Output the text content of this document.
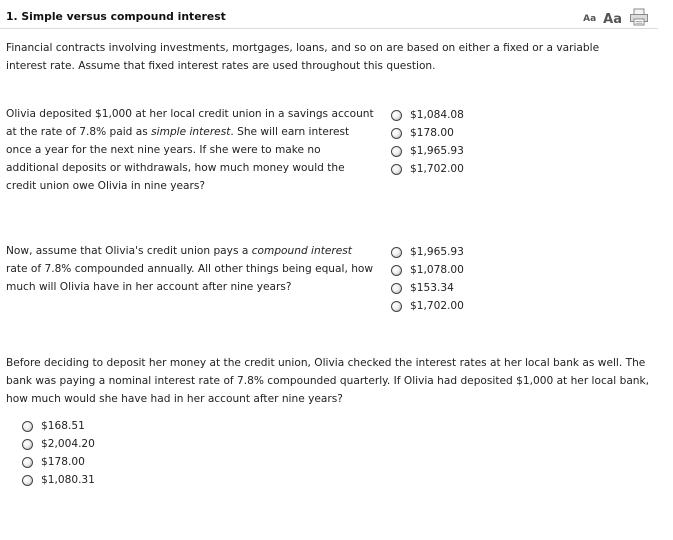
1. Simple versus compound interest	Aa Aa

Financial contracts involving investments, mortgages, loans, and so on are based on either a fixed or a variable interest rate. Assume that fixed interest rates are used throughout this question.

Olivia deposited $1,000 at her local credit union in a savings account at the rate of 7.8% paid as simple interest. She will earn interest once a year for the next nine years. If she were to make no additional deposits or withdrawals, how much money would the credit union owe Olivia in nine years?

$1,084.08
$178.00
$1,965.93
$1,702.00

Now, assume that Olivia's credit union pays a compound interest rate of 7.8% compounded annually. All other things being equal, how much will Olivia have in her account after nine years?

$1,965.93
$1,078.00
$153.34
$1,702.00

Before deciding to deposit her money at the credit union, Olivia checked the interest rates at her local bank as well. The bank was paying a nominal interest rate of 7.8% compounded quarterly. If Olivia had deposited $1,000 at her local bank, how much would she have had in her account after nine years?

$168.51
$2,004.20
$178.00
$1,080.31
